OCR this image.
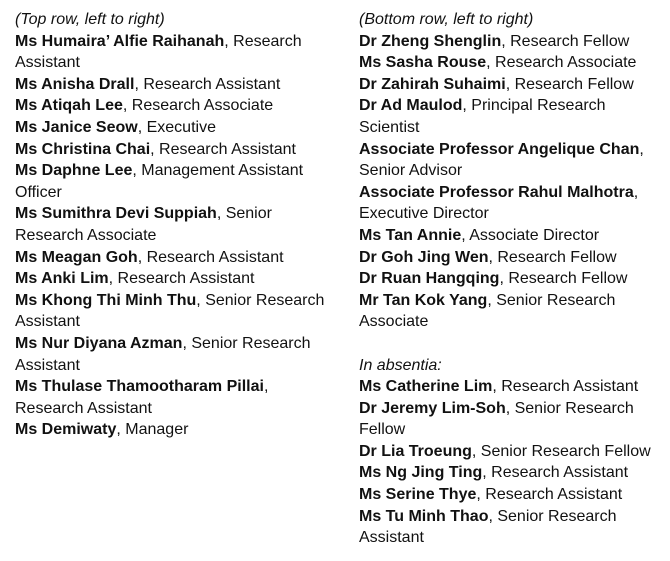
(Top row, left to right)

Ms Humaira’ Alfie Raihanah, Research Assistant

Ms Anisha Drall, Research Assistant

Ms Atiqah Lee, Research Associate

Ms Janice Seow, Executive

Ms Christina Chai, Research Assistant

Ms Daphne Lee, Management Assistant Officer

Ms Sumithra Devi Suppiah, Senior Research Associate

Ms Meagan Goh, Research Assistant

Ms Anki Lim, Research Assistant

Ms Khong Thi Minh Thu, Senior Research Assistant

Ms Nur Diyana Azman, Senior Research Assistant

Ms Thulase Thamootharam Pillai, Research Assistant

Ms Demiwaty, Manager

(Bottom row, left to right)

Dr Zheng Shenglin, Research Fellow

Ms Sasha Rouse, Research Associate

Dr Zahirah Suhaimi, Research Fellow

Dr Ad Maulod, Principal Research Scientist

Associate Professor Angelique Chan, Senior Advisor

Associate Professor Rahul Malhotra, Executive Director

Ms Tan Annie, Associate Director

Dr Goh Jing Wen, Research Fellow

Dr Ruan Hangqing, Research Fellow

Mr Tan Kok Yang, Senior Research Associate

In absentia:

Ms Catherine Lim, Research Assistant

Dr Jeremy Lim-Soh, Senior Research Fellow

Dr Lia Troeung, Senior Research Fellow

Ms Ng Jing Ting, Research Assistant

Ms Serine Thye, Research Assistant

Ms Tu Minh Thao, Senior Research Assistant
